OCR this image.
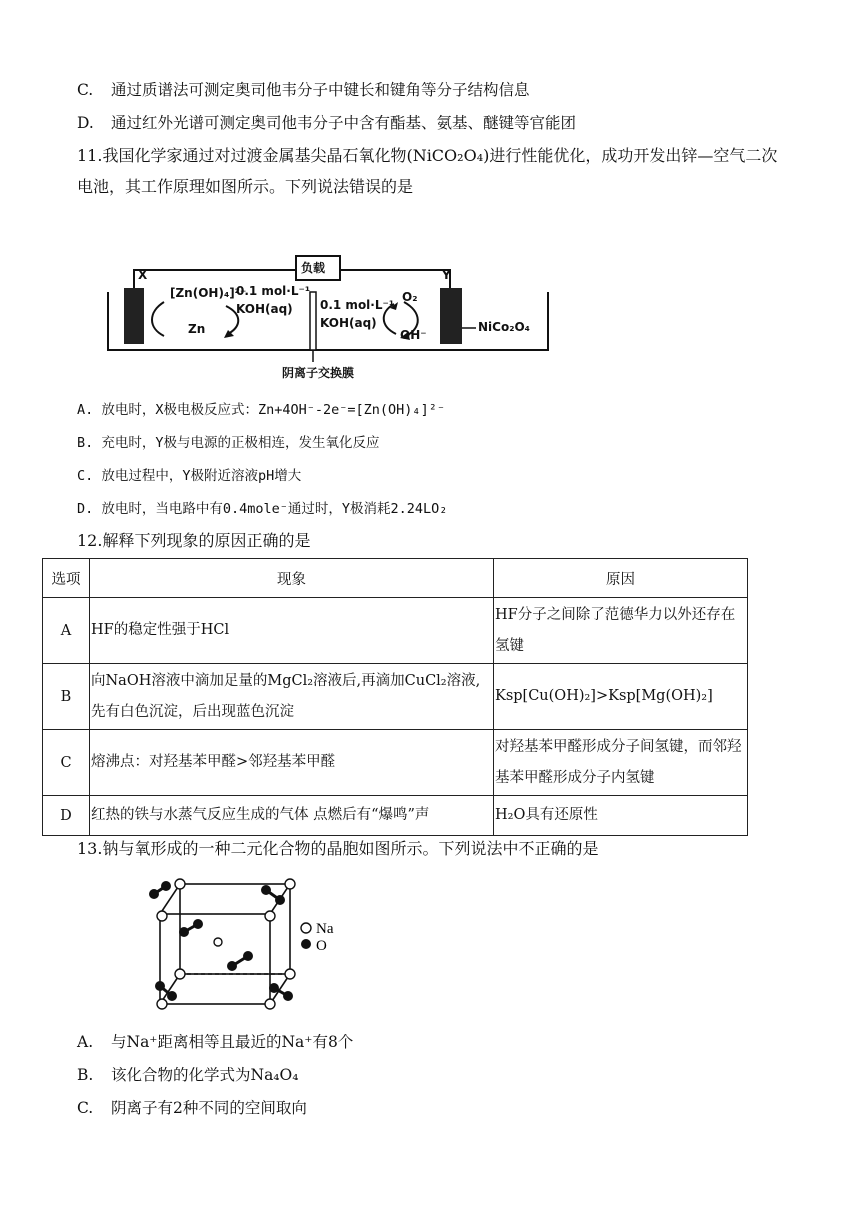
C. 通过质谱法可测定奥司他韦分子中键长和键角等分子结构信息
D. 通过红外光谱可测定奥司他韦分子中含有酯基、氨基、醚键等官能团
11.我国化学家通过对过渡金属基尖晶石氧化物(NiCO₂O₄)进行性能优化，成功开发出锌—空气二次
电池，其工作原理如图所示。下列说法错误的是
负载
X	Y
[Zn(OH)₄]²⁻
Zn
0.1 mol·L⁻¹
KOH(aq) 0.1 mol·L⁻¹
KOH(aq)
O₂
OH⁻
NiCo₂O₄
阴离子交换膜
A. 放电时，X极电极反应式：Zn+4OH⁻-2e⁻=[Zn(OH)₄]²⁻
B. 充电时，Y极与电源的正极相连，发生氧化反应
C. 放电过程中，Y极附近溶液pH增大
D. 放电时，当电路中有0.4mole⁻通过时，Y极消耗2.24LO₂
12.解释下列现象的原因正确的是
选项	现象	原因
A	HF的稳定性强于HCl	HF分子之间除了范德华力以外还存在氢键
B	向NaOH溶液中滴加足量的MgCl₂溶液后,再滴加CuCl₂溶液,先有白色沉淀，后出现蓝色沉淀	Ksp[Cu(OH)₂]>Ksp[Mg(OH)₂]
C	熔沸点：对羟基苯甲醛>邻羟基苯甲醛	对羟基苯甲醛形成分子间氢键，而邻羟基苯甲醛形成分子内氢键
D	红热的铁与水蒸气反应生成的气体 点燃后有“爆鸣”声	H₂O具有还原性
13.钠与氧形成的一种二元化合物的晶胞如图所示。下列说法中不正确的是
Na
O
A. 与Na⁺距离相等且最近的Na⁺有8个
B. 该化合物的化学式为Na₄O₄
C. 阴离子有2种不同的空间取向
